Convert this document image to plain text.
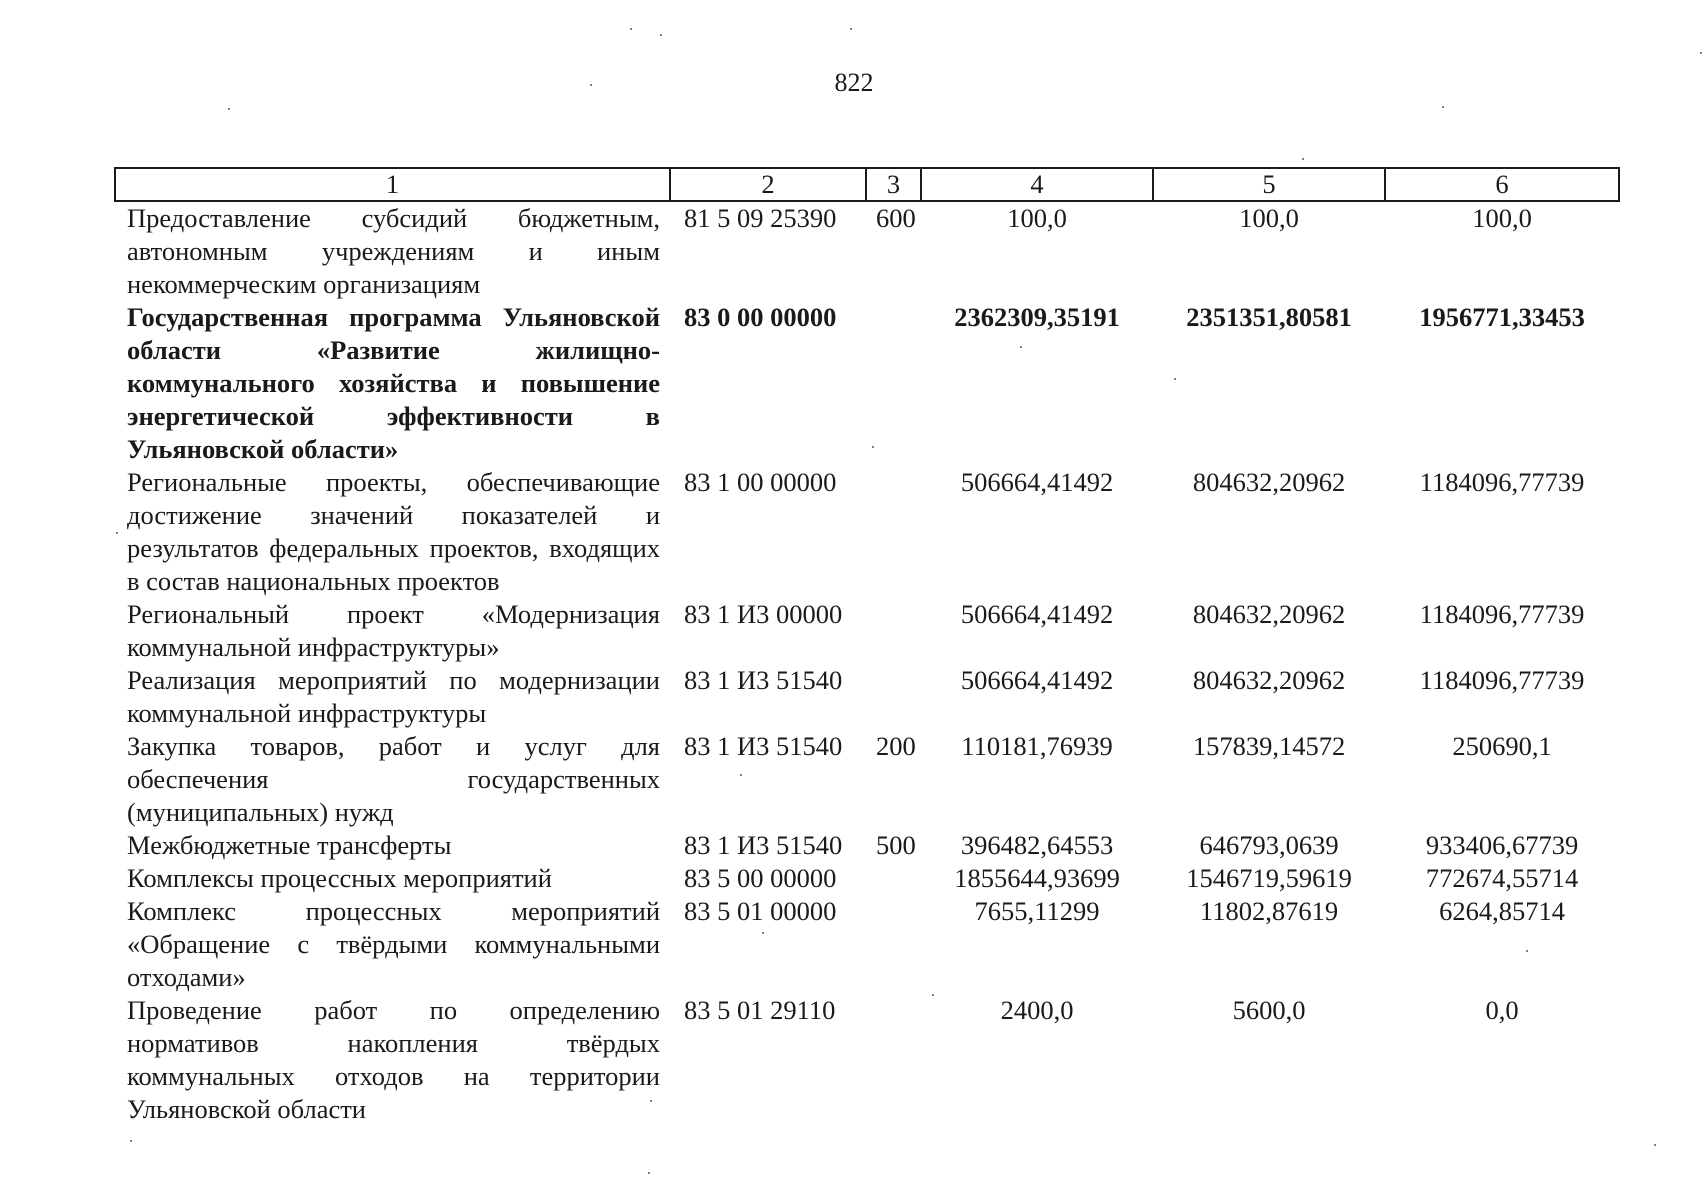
822
1	2	3	4	5	6
Предоставление субсидий бюджетным, автономным учреждениям и иным некоммерческим организациям	81 5 09 25390	600	100,0	100,0	100,0
Государственная программа Ульяновской области «Развитие жилищно-коммунального хозяйства и повышение энергетической эффективности в Ульяновской области»	83 0 00 00000		2362309,35191	2351351,80581	1956771,33453
Региональные проекты, обеспечивающие достижение значений показателей и результатов федеральных проектов, входящих в состав национальных проектов	83 1 00 00000		506664,41492	804632,20962	1184096,77739
Региональный проект «Модернизация коммунальной инфраструктуры»	83 1 И3 00000		506664,41492	804632,20962	1184096,77739
Реализация мероприятий по модернизации коммунальной инфраструктуры	83 1 И3 51540		506664,41492	804632,20962	1184096,77739
Закупка товаров, работ и услуг для обеспечения государственных (муниципальных) нужд	83 1 И3 51540	200	110181,76939	157839,14572	250690,1
Межбюджетные трансферты	83 1 И3 51540	500	396482,64553	646793,0639	933406,67739
Комплексы процессных мероприятий	83 5 00 00000		1855644,93699	1546719,59619	772674,55714
Комплекс процессных мероприятий «Обращение с твёрдыми коммунальными отходами»	83 5 01 00000		7655,11299	11802,87619	6264,85714
Проведение работ по определению нормативов накопления твёрдых коммунальных отходов на территории Ульяновской области	83 5 01 29110		2400,0	5600,0	0,0
